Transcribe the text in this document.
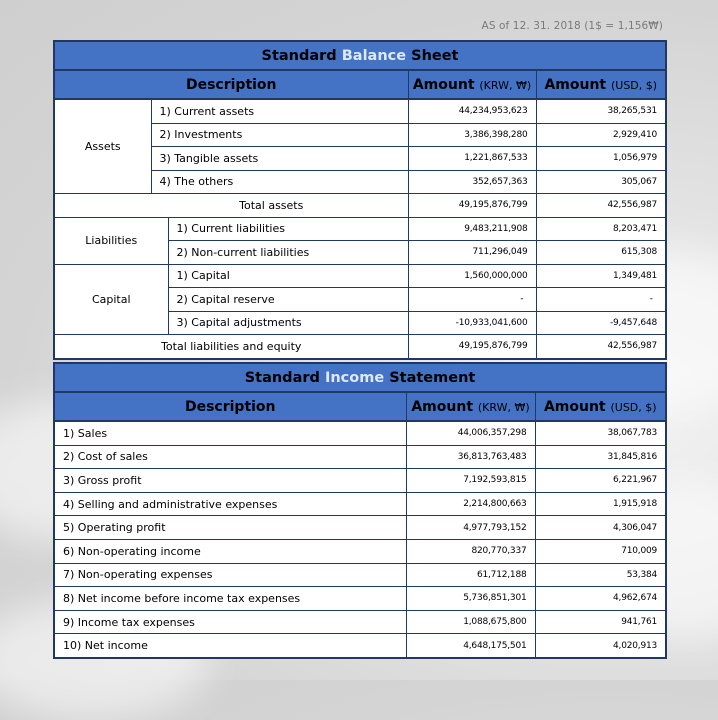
AS of 12. 31. 2018 (1$ = 1,156₩)
Standard Balance Sheet				
Description			Amount (KRW, ₩)	Amount (USD, $)
Assets	1) Current assets		44,234,953,623	38,265,531
	2) Investments		3,386,398,280	2,929,410
	3) Tangible assets		1,221,867,533	1,056,979
	4) The others		352,657,363	305,067
Total assets			49,195,876,799	42,556,987
Liabilities		1) Current liabilities	9,483,211,908	8,203,471
		2) Non-current liabilities	711,296,049	615,308
Capital		1) Capital	1,560,000,000	1,349,481
		2) Capital reserve	-	-
		3) Capital adjustments	-10,933,041,600	-9,457,648
Total liabilities and equity			49,195,876,799	42,556,987
Standard Income Statement		
Description	Amount (KRW, ₩)	Amount (USD, $)
1) Sales	44,006,357,298	38,067,783
2) Cost of sales	36,813,763,483	31,845,816
3) Gross profit	7,192,593,815	6,221,967
4) Selling and administrative expenses	2,214,800,663	1,915,918
5) Operating profit	4,977,793,152	4,306,047
6) Non-operating income	820,770,337	710,009
7) Non-operating expenses	61,712,188	53,384
8) Net income before income tax expenses	5,736,851,301	4,962,674
9) Income tax expenses	1,088,675,800	941,761
10) Net income	4,648,175,501	4,020,913
